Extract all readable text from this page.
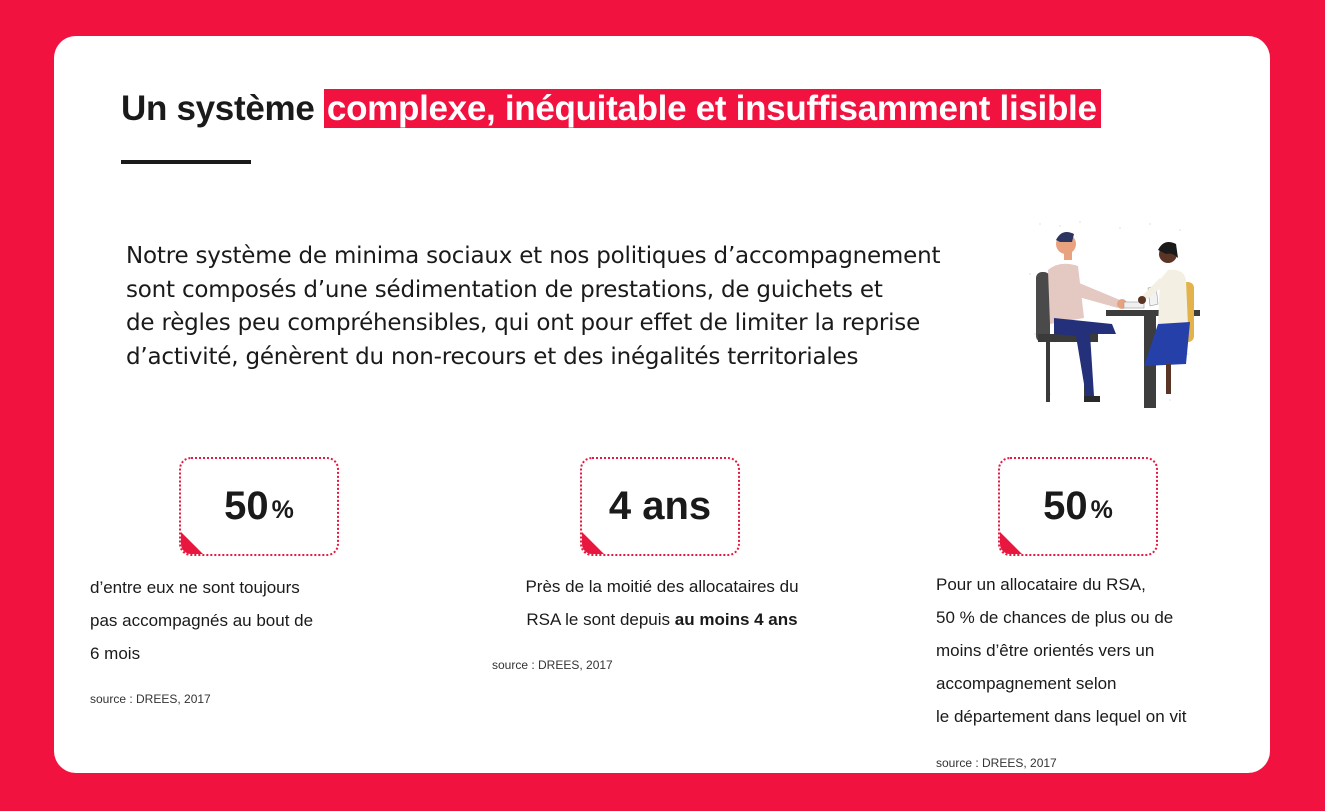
Un système complexe, inéquitable et insuffisamment lisible
Notre système de minima sociaux et nos politiques d’accompagnement
sont composés d’une sédimentation de prestations, de guichets et
de règles peu compréhensibles, qui ont pour effet de limiter la reprise
d’activité, génèrent du non-recours et des inégalités territoriales
50 %
d’entre eux ne sont toujours
pas accompagnés au bout de
6 mois
source : DREES, 2017
4 ans
Près de la moitié des allocataires du
RSA le sont depuis au moins 4 ans
source : DREES, 2017
50 %
Pour un allocataire du RSA,
50 % de chances de plus ou de
moins d’être orientés vers un
accompagnement selon
le département dans lequel on vit
source : DREES, 2017
